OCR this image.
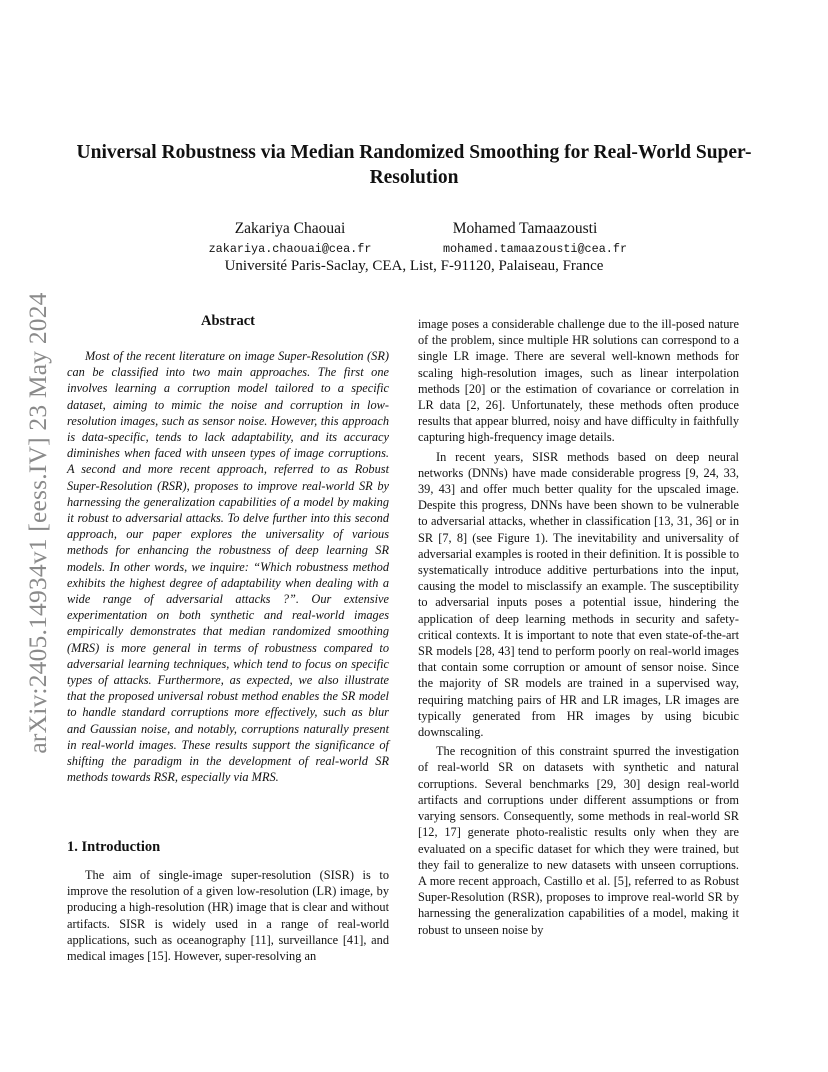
arXiv:2405.14934v1 [eess.IV] 23 May 2024
Universal Robustness via Median Randomized Smoothing for Real-World Super-Resolution
Zakariya Chaouai	Mohamed Tamaazousti
zakariya.chaouai@cea.fr	mohamed.tamaazousti@cea.fr
Université Paris-Saclay, CEA, List, F-91120, Palaiseau, France
Abstract

Most of the recent literature on image Super-Resolution (SR) can be classified into two main approaches. The first one involves learning a corruption model tailored to a specific dataset, aiming to mimic the noise and corruption in low-resolution images, such as sensor noise. However, this approach is data-specific, tends to lack adaptability, and its accuracy diminishes when faced with unseen types of image corruptions. A second and more recent approach, referred to as Robust Super-Resolution (RSR), proposes to improve real-world SR by harnessing the generalization capabilities of a model by making it robust to adversarial attacks. To delve further into this second approach, our paper explores the universality of various methods for enhancing the robustness of deep learning SR models. In other words, we inquire: “Which robustness method exhibits the highest degree of adaptability when dealing with a wide range of adversarial attacks ?”. Our extensive experimentation on both synthetic and real-world images empirically demonstrates that median randomized smoothing (MRS) is more general in terms of robustness compared to adversarial learning techniques, which tend to focus on specific types of attacks. Furthermore, as expected, we also illustrate that the proposed universal robust method enables the SR model to handle standard corruptions more effectively, such as blur and Gaussian noise, and notably, corruptions naturally present in real-world images. These results support the significance of shifting the paradigm in the development of real-world SR methods towards RSR, especially via MRS.

1. Introduction

The aim of single-image super-resolution (SISR) is to improve the resolution of a given low-resolution (LR) image, by producing a high-resolution (HR) image that is clear and without artifacts. SISR is widely used in a range of real-world applications, such as oceanography [11], surveillance [41], and medical images [15]. However, super-resolving an

image poses a considerable challenge due to the ill-posed nature of the problem, since multiple HR solutions can correspond to a single LR image. There are several well-known methods for scaling high-resolution images, such as linear interpolation methods [20] or the estimation of covariance or correlation in LR data [2, 26]. Unfortunately, these methods often produce results that appear blurred, noisy and have difficulty in faithfully capturing high-frequency image details.

In recent years, SISR methods based on deep neural networks (DNNs) have made considerable progress [9, 24, 33, 39, 43] and offer much better quality for the upscaled image. Despite this progress, DNNs have been shown to be vulnerable to adversarial attacks, whether in classification [13, 31, 36] or in SR [7, 8] (see Figure 1). The inevitability and universality of adversarial examples is rooted in their definition. It is possible to systematically introduce additive perturbations into the input, causing the model to misclassify an example. The susceptibility to adversarial inputs poses a potential issue, hindering the application of deep learning methods in security and safety-critical contexts. It is important to note that even state-of-the-art SR models [28, 43] tend to perform poorly on real-world images that contain some corruption or amount of sensor noise. Since the majority of SR models are trained in a supervised way, requiring matching pairs of HR and LR images, LR images are typically generated from HR images by using bicubic downscaling.

The recognition of this constraint spurred the investigation of real-world SR on datasets with synthetic and natural corruptions. Several benchmarks [29, 30] design real-world artifacts and corruptions under different assumptions or from varying sensors. Consequently, some methods in real-world SR [12, 17] generate photo-realistic results only when they are evaluated on a specific dataset for which they were trained, but they fail to generalize to new datasets with unseen corruptions. A more recent approach, Castillo et al. [5], referred to as Robust Super-Resolution (RSR), proposes to improve real-world SR by harnessing the generalization capabilities of a model, making it robust to unseen noise by
